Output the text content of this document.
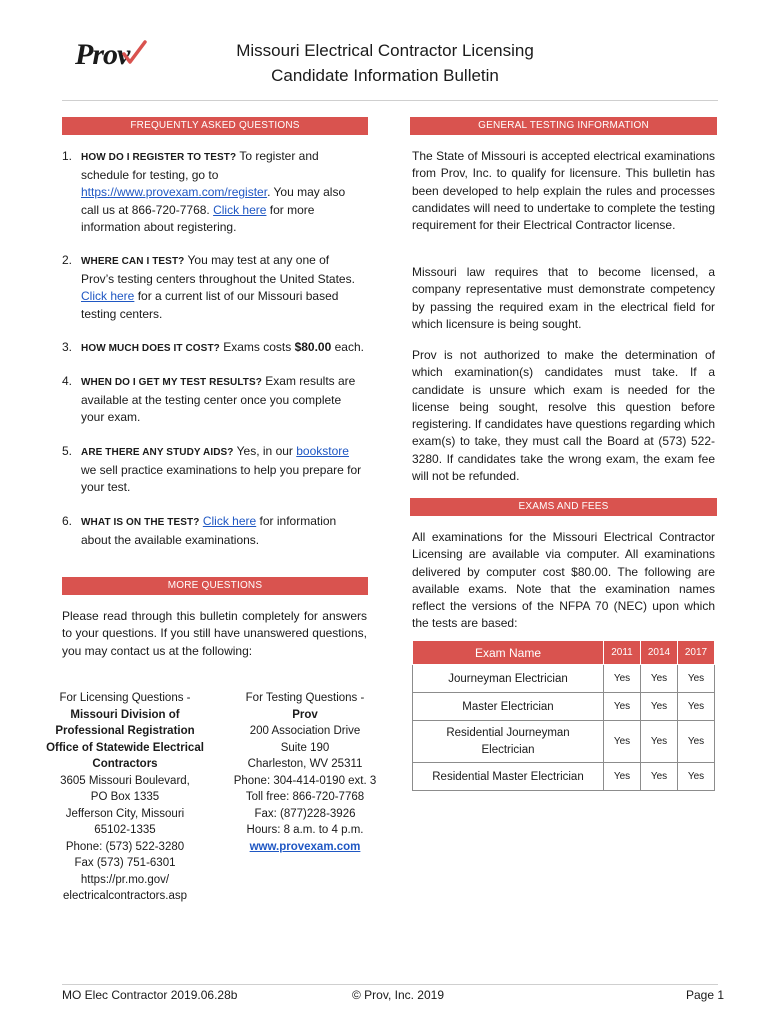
Prov	Missouri Electrical Contractor Licensing
Candidate Information Bulletin
FREQUENTLY ASKED QUESTIONS
1. HOW DO I REGISTER TO TEST? To register and schedule for testing, go to https://www.provexam.com/register. You may also call us at 866-720-7768. Click here for more information about registering.
2. WHERE CAN I TEST? You may test at any one of Prov’s testing centers throughout the United States. Click here for a current list of our Missouri based testing centers.
3. HOW MUCH DOES IT COST? Exams costs $80.00 each.
4. WHEN DO I GET MY TEST RESULTS? Exam results are available at the testing center once you complete your exam.
5. ARE THERE ANY STUDY AIDS? Yes, in our bookstore we sell practice examinations to help you prepare for your test.
6. WHAT IS ON THE TEST? Click here for information about the available examinations.
MORE QUESTIONS
Please read through this bulletin completely for answers to your questions. If you still have unanswered questions, you may contact us at the following:
For Licensing Questions -
Missouri Division of
Professional Registration
Office of Statewide Electrical
Contractors
3605 Missouri Boulevard,
PO Box 1335
Jefferson City, Missouri
65102-1335
Phone: (573) 522-3280
Fax (573) 751-6301
https://pr.mo.gov/
electricalcontractors.asp
For Testing Questions -
Prov
200 Association Drive
Suite 190
Charleston, WV 25311
Phone: 304-414-0190 ext. 3
Toll free: 866-720-7768
Fax: (877)228-3926
Hours: 8 a.m. to 4 p.m.
www.provexam.com
GENERAL TESTING INFORMATION
The State of Missouri is accepted electrical examinations from Prov, Inc. to qualify for licensure. This bulletin has been developed to help explain the rules and processes candidates will need to undertake to complete the testing requirement for their Electrical Contractor license.
Missouri law requires that to become licensed, a company representative must demonstrate competency by passing the required exam in the electrical field for which licensure is being sought.
Prov is not authorized to make the determination of which examination(s) candidates must take. If a candidate is unsure which exam is needed for the license being sought, resolve this question before registering. If candidates have questions regarding which exam(s) to take, they must call the Board at (573) 522-3280. If candidates take the wrong exam, the exam fee will not be refunded.
EXAMS AND FEES
All examinations for the Missouri Electrical Contractor Licensing are available via computer. All examinations delivered by computer cost $80.00. The following are available exams. Note that the examination names reflect the versions of the NFPA 70 (NEC) upon which the tests are based:
Exam Name	2011	2014	2017
Journeyman Electrician	Yes	Yes	Yes
Master Electrician	Yes	Yes	Yes
Residential Journeyman Electrician	Yes	Yes	Yes
Residential Master Electrician	Yes	Yes	Yes
MO Elec Contractor 2019.06.28b	© Prov, Inc. 2019	Page 1
